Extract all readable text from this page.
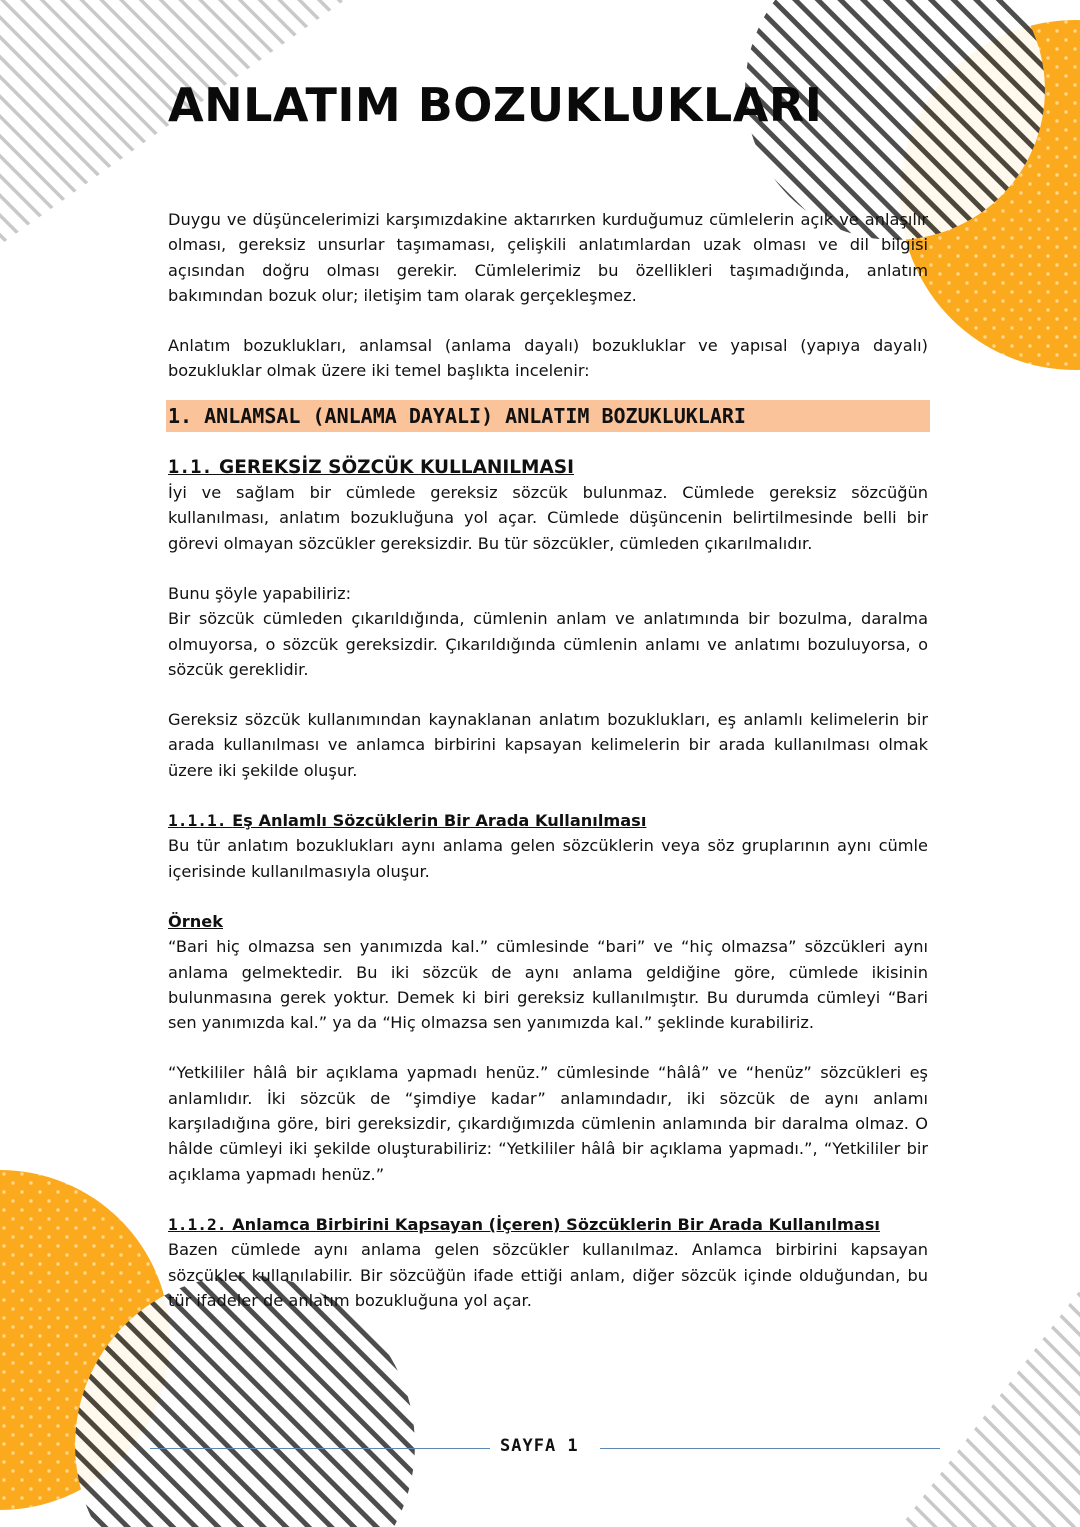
ANLATIM BOZUKLUKLARI

Duygu ve düşüncelerimizi karşımızdakine aktarırken kurduğumuz cümlelerin açık ve anlaşılır olması, gereksiz unsurlar taşımaması, çelişkili anlatımlardan uzak olması ve dil bilgisi açısından doğru olması gerekir. Cümlelerimiz bu özellikleri taşımadığında, anlatım bakımından bozuk olur; iletişim tam olarak gerçekleşmez.

Anlatım bozuklukları, anlamsal (anlama dayalı) bozukluklar ve yapısal (yapıya dayalı) bozukluklar olmak üzere iki temel başlıkta incelenir:

1. ANLAMSAL (ANLAMA DAYALI) ANLATIM BOZUKLUKLARI
1.1. GEREKSİZ SÖZCÜK KULLANILMASI

İyi ve sağlam bir cümlede gereksiz sözcük bulunmaz. Cümlede gereksiz sözcüğün kullanılması, anlatım bozukluğuna yol açar. Cümlede düşüncenin belirtilmesinde belli bir görevi olmayan sözcükler gereksizdir. Bu tür sözcükler, cümleden çıkarılmalıdır.

Bunu şöyle yapabiliriz:

Bir sözcük cümleden çıkarıldığında, cümlenin anlam ve anlatımında bir bozulma, daralma olmuyorsa, o sözcük gereksizdir. Çıkarıldığında cümlenin anlamı ve anlatımı bozuluyorsa, o sözcük gereklidir.

Gereksiz sözcük kullanımından kaynaklanan anlatım bozuklukları, eş anlamlı kelimelerin bir arada kullanılması ve anlamca birbirini kapsayan kelimelerin bir arada kullanılması olmak üzere iki şekilde oluşur.

1.1.1. Eş Anlamlı Sözcüklerin Bir Arada Kullanılması

Bu tür anlatım bozuklukları aynı anlama gelen sözcüklerin veya söz gruplarının aynı cümle içerisinde kullanılmasıyla oluşur.

Örnek

“Bari hiç olmazsa sen yanımızda kal.” cümlesinde “bari” ve “hiç olmazsa” sözcükleri aynı anlama gelmektedir. Bu iki sözcük de aynı anlama geldiğine göre, cümlede ikisinin bulunmasına gerek yoktur. Demek ki biri gereksiz kullanılmıştır. Bu durumda cümleyi “Bari sen yanımızda kal.” ya da “Hiç olmazsa sen yanımızda kal.” şeklinde kurabiliriz.

“Yetkililer hâlâ bir açıklama yapmadı henüz.” cümlesinde “hâlâ” ve “henüz” sözcükleri eş anlamlıdır. İki sözcük de “şimdiye kadar” anlamındadır, iki sözcük de aynı anlamı karşıladığına göre, biri gereksizdir, çıkardığımızda cümlenin anlamında bir daralma olmaz. O hâlde cümleyi iki şekilde oluşturabiliriz: “Yetkililer hâlâ bir açıklama yapmadı.”, “Yetkililer bir açıklama yapmadı henüz.”

1.1.2. Anlamca Birbirini Kapsayan (İçeren) Sözcüklerin Bir Arada Kullanılması

Bazen cümlede aynı anlama gelen sözcükler kullanılmaz. Anlamca birbirini kapsayan sözcükler kullanılabilir. Bir sözcüğün ifade ettiği anlam, diğer sözcük içinde olduğundan, bu tür ifadeler de anlatım bozukluğuna yol açar.

SAYFA 1
